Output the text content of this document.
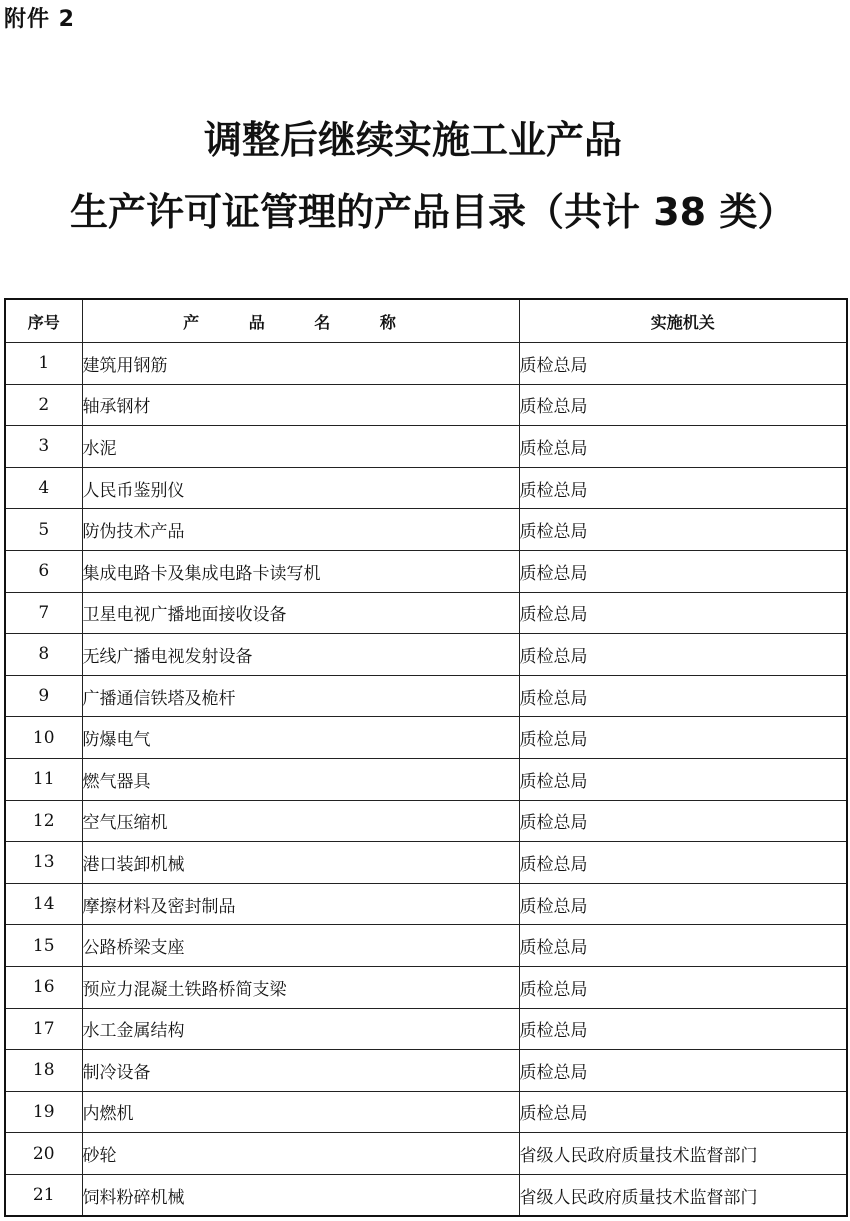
附件 2
调整后继续实施工业产品
生产许可证管理的产品目录（共计 38 类）
序号	产 品 名 称	实施机关
1	建筑用钢筋	质检总局
2	轴承钢材	质检总局
3	水泥	质检总局
4	人民币鉴别仪	质检总局
5	防伪技术产品	质检总局
6	集成电路卡及集成电路卡读写机	质检总局
7	卫星电视广播地面接收设备	质检总局
8	无线广播电视发射设备	质检总局
9	广播通信铁塔及桅杆	质检总局
10	防爆电气	质检总局
11	燃气器具	质检总局
12	空气压缩机	质检总局
13	港口装卸机械	质检总局
14	摩擦材料及密封制品	质检总局
15	公路桥梁支座	质检总局
16	预应力混凝土铁路桥简支梁	质检总局
17	水工金属结构	质检总局
18	制冷设备	质检总局
19	内燃机	质检总局
20	砂轮	省级人民政府质量技术监督部门
21	饲料粉碎机械	省级人民政府质量技术监督部门
